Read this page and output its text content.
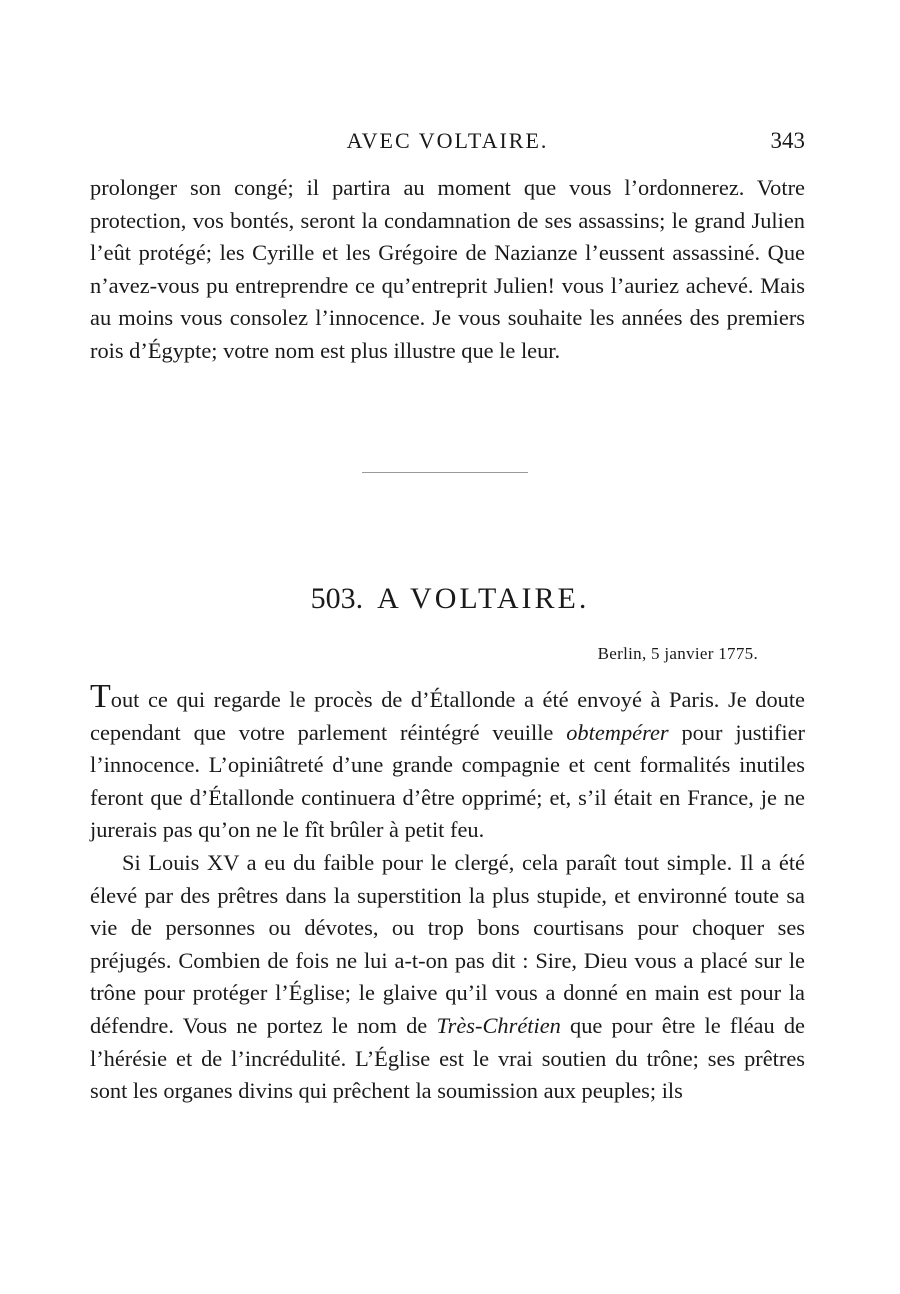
AVEC VOLTAIRE.	343

prolonger son congé; il partira au moment que vous l’ordonnerez. Votre protection, vos bontés, seront la condamnation de ses assassins; le grand Julien l’eût protégé; les Cyrille et les Grégoire de Nazianze l’eussent assassiné. Que n’avez-vous pu entreprendre ce qu’entreprit Julien! vous l’auriez achevé. Mais au moins vous consolez l’innocence. Je vous souhaite les années des premiers rois d’Égypte; votre nom est plus illustre que le leur.

503. A VOLTAIRE.
Berlin, 5 janvier 1775.

Tout ce qui regarde le procès de d’Étallonde a été envoyé à Paris. Je doute cependant que votre parlement réintégré veuille obtempérer pour justifier l’innocence. L’opiniâtreté d’une grande compagnie et cent formalités inutiles feront que d’Étallonde continuera d’être opprimé; et, s’il était en France, je ne jurerais pas qu’on ne le fît brûler à petit feu.

Si Louis XV a eu du faible pour le clergé, cela paraît tout simple. Il a été élevé par des prêtres dans la superstition la plus stupide, et environné toute sa vie de personnes ou dévotes, ou trop bons courtisans pour choquer ses préjugés. Combien de fois ne lui a-t-on pas dit : Sire, Dieu vous a placé sur le trône pour protéger l’Église; le glaive qu’il vous a donné en main est pour la défendre. Vous ne portez le nom de Très-Chrétien que pour être le fléau de l’hérésie et de l’incrédulité. L’Église est le vrai soutien du trône; ses prêtres sont les organes divins qui prêchent la soumission aux peuples; ils
